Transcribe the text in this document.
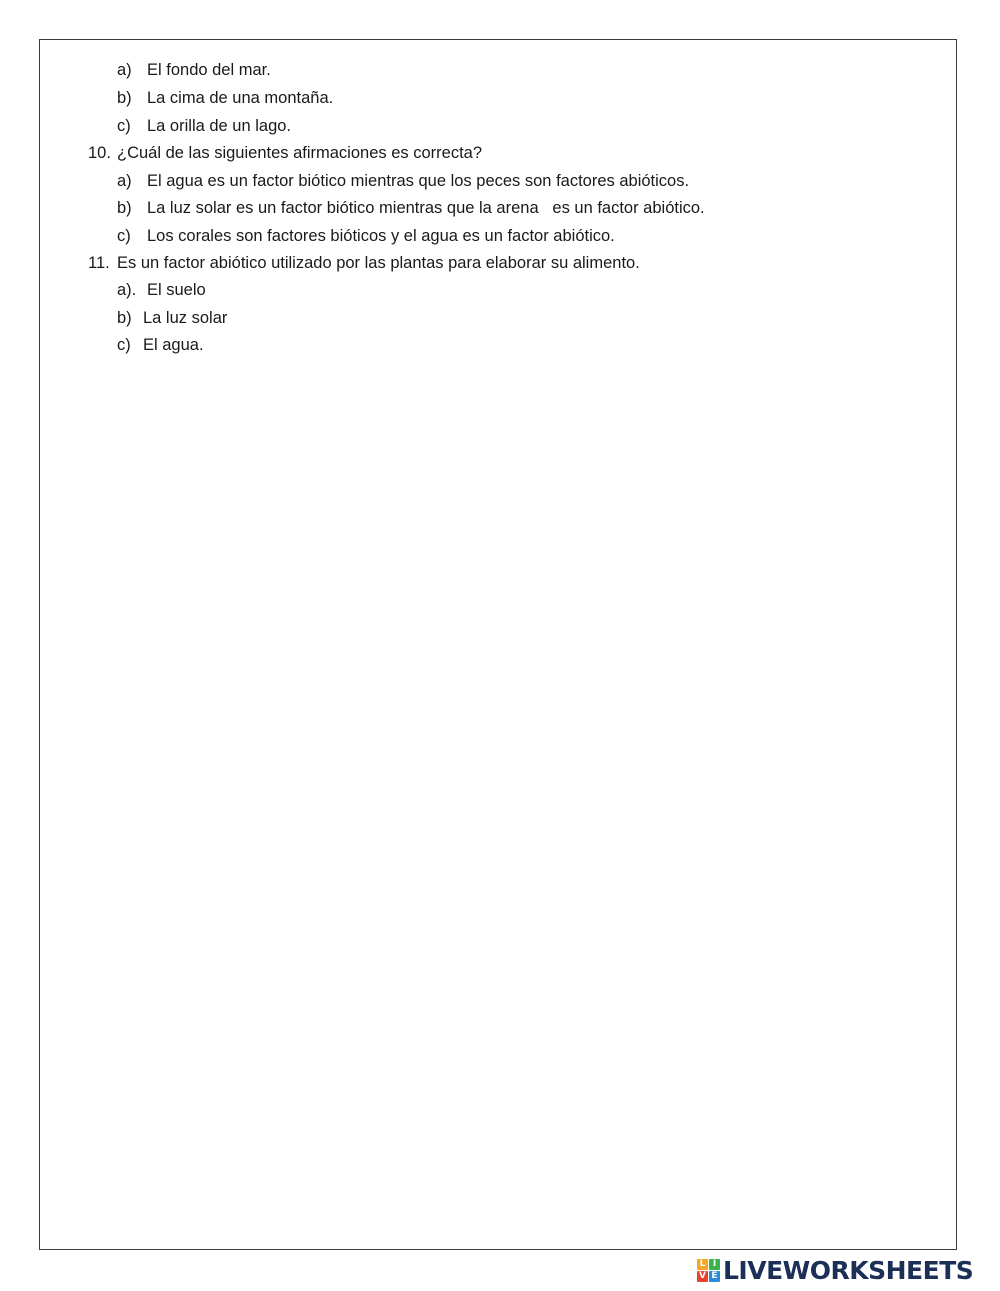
a) El fondo del mar.
b) La cima de una montaña.
c) La orilla de un lago.
10. ¿Cuál de las siguientes afirmaciones es correcta?
a) El agua es un factor biótico mientras que los peces son factores abióticos.
b) La luz solar es un factor biótico mientras que la arena   es un factor abiótico.
c) Los corales son factores bióticos y el agua es un factor abiótico.
11. Es un factor abiótico utilizado por las plantas para elaborar su alimento.
a). El suelo
b) La luz solar
c) El agua.
L I
V E LIVEWORKSHEETS
